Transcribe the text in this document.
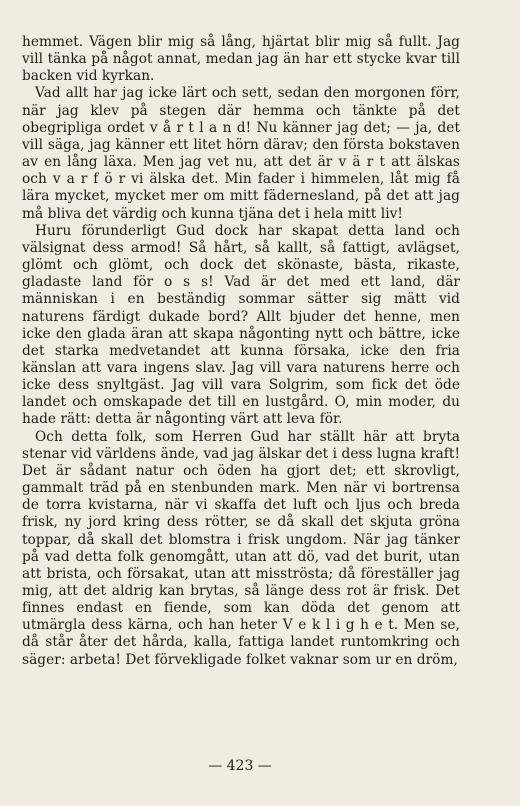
hemmet. Vägen blir mig så lång, hjärtat blir mig så fullt. Jag vill tänka på något annat, medan jag än har ett stycke kvar till backen vid kyrkan.

Vad allt har jag icke lärt och sett, sedan den morgonen förr, när jag klev på stegen där hemma och tänkte på det obegripliga ordet v å r t l a n d! Nu känner jag det; — ja, det vill säga, jag känner ett litet hörn därav; den första bokstaven av en lång läxa. Men jag vet nu, att det är v ä r t att älskas och v a r f ö r vi älska det. Min fader i himmelen, låt mig få lära mycket, mycket mer om mitt fädernesland, på det att jag må bliva det värdig och kunna tjäna det i hela mitt liv!

Huru förunderligt Gud dock har skapat detta land och välsignat dess armod! Så hårt, så kallt, så fattigt, avlägset, glömt och glömt, och dock det skönaste, bästa, rikaste, gladaste land för o s s! Vad är det med ett land, där människan i en beständig sommar sätter sig mätt vid naturens färdigt dukade bord? Allt bjuder det henne, men icke den glada äran att skapa någonting nytt och bättre, icke det starka medvetandet att kunna försaka, icke den fria känslan att vara ingens slav. Jag vill vara naturens herre och icke dess snyltgäst. Jag vill vara Solgrim, som fick det öde landet och omskapade det till en lustgård. O, min moder, du hade rätt: detta är någonting värt att leva för.

Och detta folk, som Herren Gud har ställt här att bryta stenar vid världens ände, vad jag älskar det i dess lugna kraft! Det är sådant natur och öden ha gjort det; ett skrovligt, gammalt träd på en stenbunden mark. Men när vi bortrensa de torra kvistarna, när vi skaffa det luft och ljus och breda frisk, ny jord kring dess rötter, se då skall det skjuta gröna toppar, då skall det blomstra i frisk ungdom. När jag tänker på vad detta folk genomgått, utan att dö, vad det burit, utan att brista, och försakat, utan att misströsta; då föreställer jag mig, att det aldrig kan brytas, så länge dess rot är frisk. Det finnes endast en fiende, som kan döda det genom att utmärgla dess kärna, och han heter V e k l i g h e t. Men se, då står åter det hårda, kalla, fattiga landet runtomkring och säger: arbeta! Det förvekligade folket vaknar som ur en dröm,

— 423 —
